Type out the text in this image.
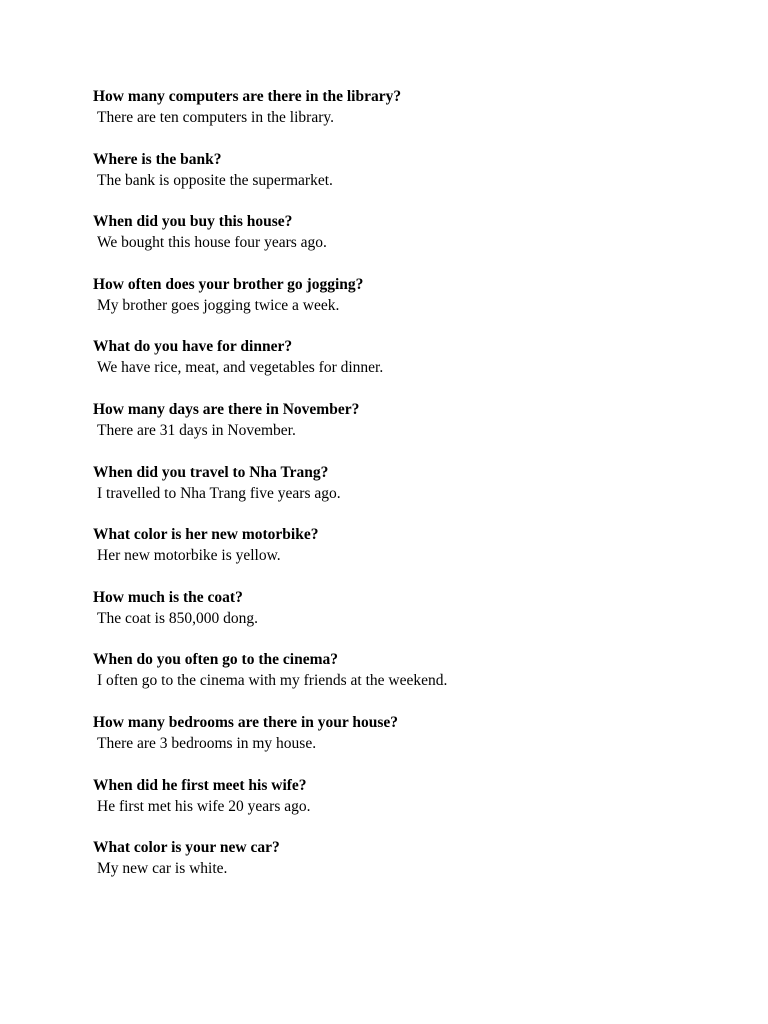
How many computers are there in the library?
There are ten computers in the library.
Where is the bank?
The bank is opposite the supermarket.
When did you buy this house?
We bought this house four years ago.
How often does your brother go jogging?
My brother goes jogging twice a week.
What do you have for dinner?
We have rice, meat, and vegetables for dinner.
How many days are there in November?
There are 31 days in November.
When did you travel to Nha Trang?
I travelled to Nha Trang five years ago.
What color is her new motorbike?
Her new motorbike is yellow.
How much is the coat?
The coat is 850,000 dong.
When do you often go to the cinema?
I often go to the cinema with my friends at the weekend.
How many bedrooms are there in your house?
There are 3 bedrooms in my house.
When did he first meet his wife?
He first met his wife 20 years ago.
What color is your new car?
My new car is white.
